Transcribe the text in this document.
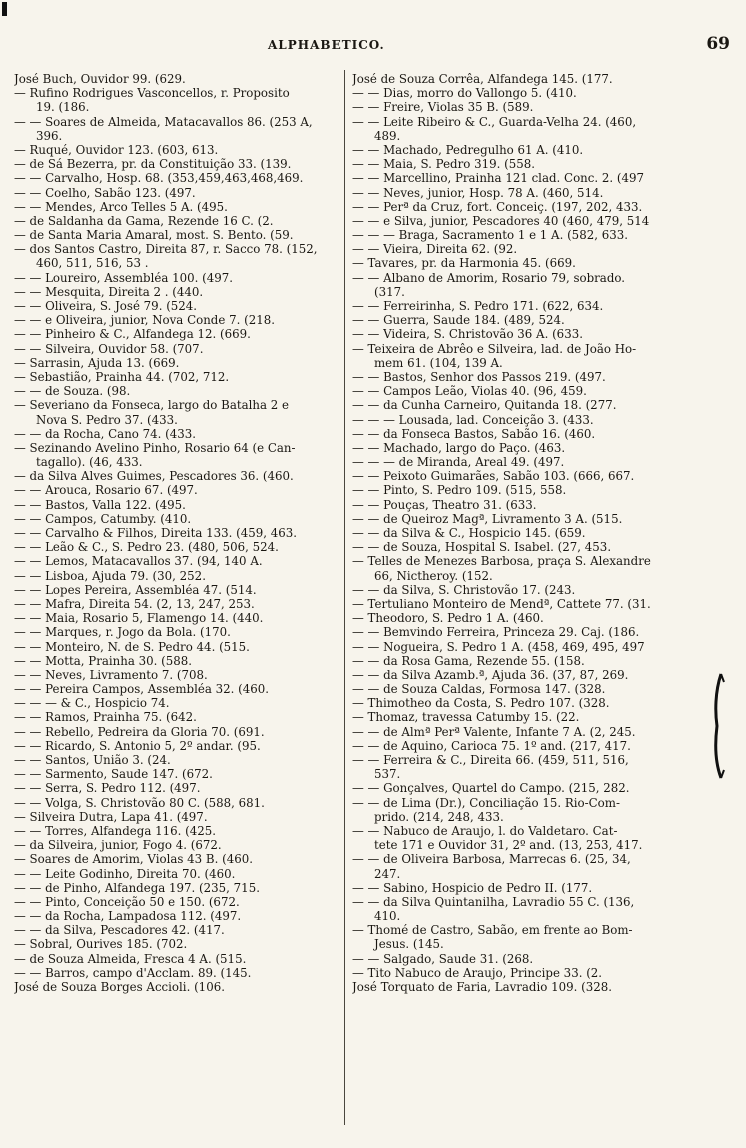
ALPHABETICO.	69

José Buch, Ouvidor 99. (629.

— Rufino Rodrigues Vasconcellos, r. Proposito
19. (186.

— — Soares de Almeida, Matacavallos 86. (253 A,
396.

— Ruqué, Ouvidor 123. (603, 613.

— de Sá Bezerra, pr. da Constituição 33. (139.

— — Carvalho, Hosp. 68. (353,459,463,468,469.

— — Coelho, Sabão 123. (497.

— — Mendes, Arco Telles 5 A. (495.

— de Saldanha da Gama, Rezende 16 C. (2.

— de Santa Maria Amaral, most. S. Bento. (59.

— dos Santos Castro, Direita 87, r. Sacco 78. (152,
460, 511, 516, 53 .

— — Loureiro, Assembléa 100. (497.

— — Mesquita, Direita 2 . (440.

— — Oliveira, S. José 79. (524.

— — e Oliveira, junior, Nova Conde 7. (218.

— — Pinheiro & C., Alfandega 12. (669.

— — Silveira, Ouvidor 58. (707.

— Sarrasin, Ajuda 13. (669.

— Sebastião, Prainha 44. (702, 712.

— — de Souza. (98.

— Severiano da Fonseca, largo do Batalha 2 e
Nova S. Pedro 37. (433.

— — da Rocha, Cano 74. (433.

— Sezinando Avelino Pinho, Rosario 64 (e Can-
tagallo). (46, 433.

— da Silva Alves Guimes, Pescadores 36. (460.

— — Arouca, Rosario 67. (497.

— — Bastos, Valla 122. (495.

— — Campos, Catumby. (410.

— — Carvalho & Filhos, Direita 133. (459, 463.

— — Leão & C., S. Pedro 23. (480, 506, 524.

— — Lemos, Matacavallos 37. (94, 140 A.

— — Lisboa, Ajuda 79. (30, 252.

— — Lopes Pereira, Assembléa 47. (514.

— — Mafra, Direita 54. (2, 13, 247, 253.

— — Maia, Rosario 5, Flamengo 14. (440.

— — Marques, r. Jogo da Bola. (170.

— — Monteiro, N. de S. Pedro 44. (515.

— — Motta, Prainha 30. (588.

— — Neves, Livramento 7. (708.

— — Pereira Campos, Assembléa 32. (460.

— — — & C., Hospicio 74.

— — Ramos, Prainha 75. (642.

— — Rebello, Pedreira da Gloria 70. (691.

— — Ricardo, S. Antonio 5, 2º andar. (95.

— — Santos, União 3. (24.

— — Sarmento, Saude 147. (672.

— — Serra, S. Pedro 112. (497.

— — Volga, S. Christovão 80 C. (588, 681.

— Silveira Dutra, Lapa 41. (497.

— — Torres, Alfandega 116. (425.

— da Silveira, junior, Fogo 4. (672.

— Soares de Amorim, Violas 43 B. (460.

— — Leite Godinho, Direita 70. (460.

— — de Pinho, Alfandega 197. (235, 715.

— — Pinto, Conceição 50 e 150. (672.

— — da Rocha, Lampadosa 112. (497.

— — da Silva, Pescadores 42. (417.

— Sobral, Ourives 185. (702.

— de Souza Almeida, Fresca 4 A. (515.

— — Barros, campo d'Acclam. 89. (145.

José de Souza Borges Accioli. (106.

José de Souza Corrêa, Alfandega 145. (177.

— — Dias, morro do Vallongo 5. (410.

— — Freire, Violas 35 B. (589.

— — Leite Ribeiro & C., Guarda-Velha 24. (460,
489.

— — Machado, Pedregulho 61 A. (410.

— — Maia, S. Pedro 319. (558.

— — Marcellino, Prainha 121 clad. Conc. 2. (497

— — Neves, junior, Hosp. 78 A. (460, 514.

— — Perª da Cruz, fort. Conceiç. (197, 202, 433.

— — e Silva, junior, Pescadores 40 (460, 479, 514

— — — Braga, Sacramento 1 e 1 A. (582, 633.

— — Vieira, Direita 62. (92.

— Tavares, pr. da Harmonia 45. (669.

— — Albano de Amorim, Rosario 79, sobrado.
(317.

— — Ferreirinha, S. Pedro 171. (622, 634.

— — Guerra, Saude 184. (489, 524.

— — Videira, S. Christovão 36 A. (633.

— Teixeira de Abrêo e Silveira, lad. de João Ho-
mem 61. (104, 139 A.

— — Bastos, Senhor dos Passos 219. (497.

— — Campos Leão, Violas 40. (96, 459.

— — da Cunha Carneiro, Quitanda 18. (277.

— — — Lousada, lad. Conceição 3. (433.

— — da Fonseca Bastos, Sabão 16. (460.

— — Machado, largo do Paço. (463.

— — — de Miranda, Areal 49. (497.

— — Peixoto Guimarães, Sabão 103. (666, 667.

— — Pinto, S. Pedro 109. (515, 558.

— — Pouças, Theatro 31. (633.

— — de Queiroz Magª, Livramento 3 A. (515.

— — da Silva & C., Hospicio 145. (659.

— — de Souza, Hospital S. Isabel. (27, 453.

— Telles de Menezes Barbosa, praça S. Alexandre
66, Nictheroy. (152.

— — da Silva, S. Christovão 17. (243.

— Tertuliano Monteiro de Mendª, Cattete 77. (31.

— Theodoro, S. Pedro 1 A. (460.

— — Bemvindo Ferreira, Princeza 29. Caj. (186.

— — Nogueira, S. Pedro 1 A. (458, 469, 495, 497

— — da Rosa Gama, Rezende 55. (158.

— — da Silva Azamb.ª, Ajuda 36. (37, 87, 269.

— — de Souza Caldas, Formosa 147. (328.

— Thimotheo da Costa, S. Pedro 107. (328.

— Thomaz, travessa Catumby 15. (22.

— — de Almª Perª Valente, Infante 7 A. (2, 245.

— — de Aquino, Carioca 75. 1º and. (217, 417.

— — Ferreira & C., Direita 66. (459, 511, 516,
537.

— — Gonçalves, Quartel do Campo. (215, 282.

— — de Lima (Dr.), Conciliação 15. Rio-Com-
prido. (214, 248, 433.

— — Nabuco de Araujo, l. do Valdetaro. Cat-
tete 171 e Ouvidor 31, 2º and. (13, 253, 417.

— — de Oliveira Barbosa, Marrecas 6. (25, 34,
247.

— — Sabino, Hospicio de Pedro II. (177.

— — da Silva Quintanilha, Lavradio 55 C. (136,
410.

— Thomé de Castro, Sabão, em frente ao Bom-
Jesus. (145.

— — Salgado, Saude 31. (268.

— Tito Nabuco de Araujo, Principe 33. (2.

José Torquato de Faria, Lavradio 109. (328.
